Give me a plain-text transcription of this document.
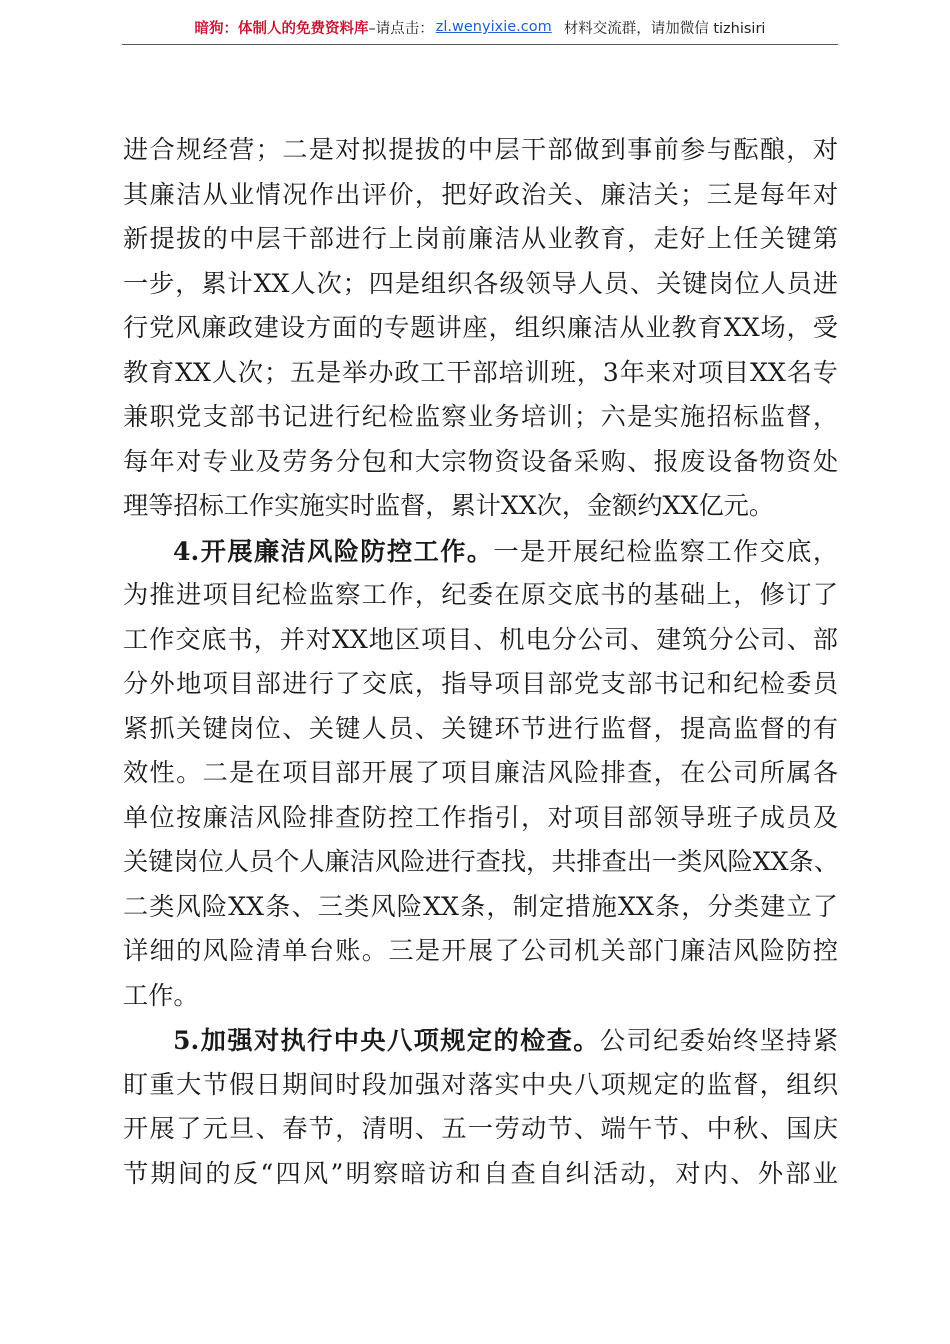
暗狗：体制人的免费资料库 –请点击： zl.wenyixie.com 材料交流群，请加微信 tizhisiri
进合规经营；二是对拟提拔的中层干部做到事前参与酝酿，对
其廉洁从业情况作出评价，把好政治关、廉洁关；三是每年对
新提拔的中层干部进行上岗前廉洁从业教育，走好上任关键第
一步，累计XX人次；四是组织各级领导人员、关键岗位人员进
行党风廉政建设方面的专题讲座，组织廉洁从业教育XX场，受
教育XX人次；五是举办政工干部培训班，3年来对项目XX名专
兼职党支部书记进行纪检监察业务培训；六是实施招标监督，
每年对专业及劳务分包和大宗物资设备采购、报废设备物资处
理等招标工作实施实时监督，累计XX次，金额约XX亿元。
4.开展廉洁风险防控工作。一是开展纪检监察工作交底，
为推进项目纪检监察工作，纪委在原交底书的基础上，修订了
工作交底书，并对XX地区项目、机电分公司、建筑分公司、部
分外地项目部进行了交底，指导项目部党支部书记和纪检委员
紧抓关键岗位、关键人员、关键环节进行监督，提高监督的有
效性。二是在项目部开展了项目廉洁风险排查，在公司所属各
单位按廉洁风险排查防控工作指引，对项目部领导班子成员及
关键岗位人员个人廉洁风险进行查找，共排查出一类风险XX条、
二类风险XX条、三类风险XX条，制定措施XX条，分类建立了
详细的风险清单台账。三是开展了公司机关部门廉洁风险防控
工作。
5.加强对执行中央八项规定的检查。公司纪委始终坚持紧
盯重大节假日期间时段加强对落实中央八项规定的监督，组织
开展了元旦、春节，清明、五一劳动节、端午节、中秋、国庆
节期间的反“四风”明察暗访和自查自纠活动，对内、外部业
